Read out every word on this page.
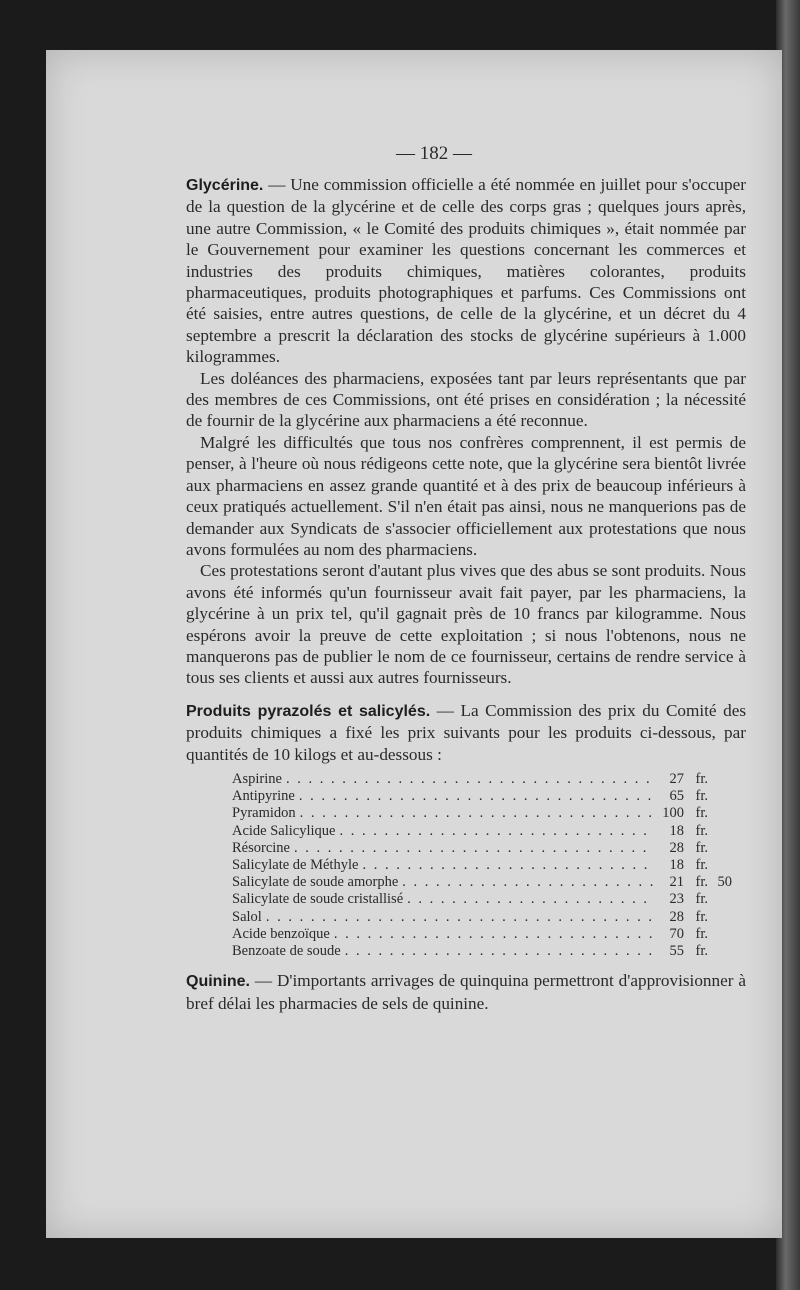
— 182 —

Glycérine. — Une commission officielle a été nommée en juillet pour s'occuper de la question de la glycérine et de celle des corps gras ; quelques jours après, une autre Commission, « le Comité des produits chimiques », était nommée par le Gouvernement pour examiner les questions concernant les commerces et industries des produits chimiques, matières colorantes, produits pharmaceutiques, produits photographiques et parfums. Ces Commissions ont été saisies, entre autres questions, de celle de la glycérine, et un décret du 4 septembre a prescrit la déclaration des stocks de glycérine supérieurs à 1.000 kilogrammes.

Les doléances des pharmaciens, exposées tant par leurs représentants que par des membres de ces Commissions, ont été prises en considération ; la nécessité de fournir de la glycérine aux pharmaciens a été reconnue.

Malgré les difficultés que tous nos confrères comprennent, il est permis de penser, à l'heure où nous rédigeons cette note, que la glycérine sera bientôt livrée aux pharmaciens en assez grande quantité et à des prix de beaucoup inférieurs à ceux pratiqués actuellement. S'il n'en était pas ainsi, nous ne manquerions pas de demander aux Syndicats de s'associer officiellement aux protestations que nous avons formulées au nom des pharmaciens.

Ces protestations seront d'autant plus vives que des abus se sont produits. Nous avons été informés qu'un fournisseur avait fait payer, par les pharmaciens, la glycérine à un prix tel, qu'il gagnait près de 10 francs par kilogramme. Nous espérons avoir la preuve de cette exploitation ; si nous l'obtenons, nous ne manquerons pas de publier le nom de ce fournisseur, certains de rendre service à tous ses clients et aussi aux autres fournisseurs.

Produits pyrazolés et salicylés. — La Commission des prix du Comité des produits chimiques a fixé les prix suivants pour les produits ci-dessous, par quantités de 10 kilogs et au-dessous :

Aspirine . . .	27 fr.
Antipyrine . . .	65 fr.
Pyramidon . . .	100 fr.
Acide Salicylique . . .	18 fr.
Résorcine . . .	28 fr.
Salicylate de Méthyle . . .	18 fr.
Salicylate de soude amorphe . . .	21 fr. 50
Salicylate de soude cristallisé . . .	23 fr.
Salol . . .	28 fr.
Acide benzoïque . . .	70 fr.
Benzoate de soude . . .	55 fr.

Quinine. — D'importants arrivages de quinquina permettront d'approvisionner à bref délai les pharmacies de sels de quinine.
